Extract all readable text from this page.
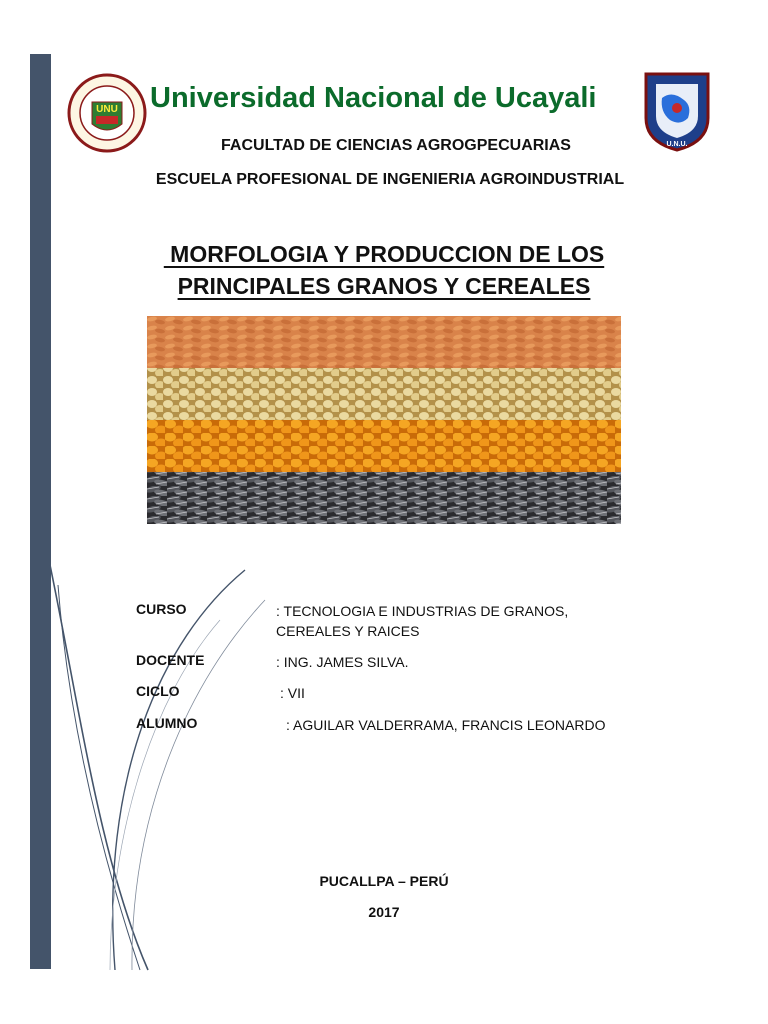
UNU
U.N.U.
Universidad Nacional de Ucayali
FACULTAD DE CIENCIAS AGROGPECUARIAS
ESCUELA PROFESIONAL DE INGENIERIA AGROINDUSTRIAL
MORFOLOGIA Y PRODUCCION DE LOS
PRINCIPALES GRANOS Y CEREALES
CURSO	: TECNOLOGIA E INDUSTRIAS DE GRANOS,
CEREALES Y RAICES
DOCENTE	: ING. JAMES SILVA.
CICLO	: VII
ALUMNO	: AGUILAR VALDERRAMA, FRANCIS LEONARDO
PUCALLPA – PERÚ
2017
